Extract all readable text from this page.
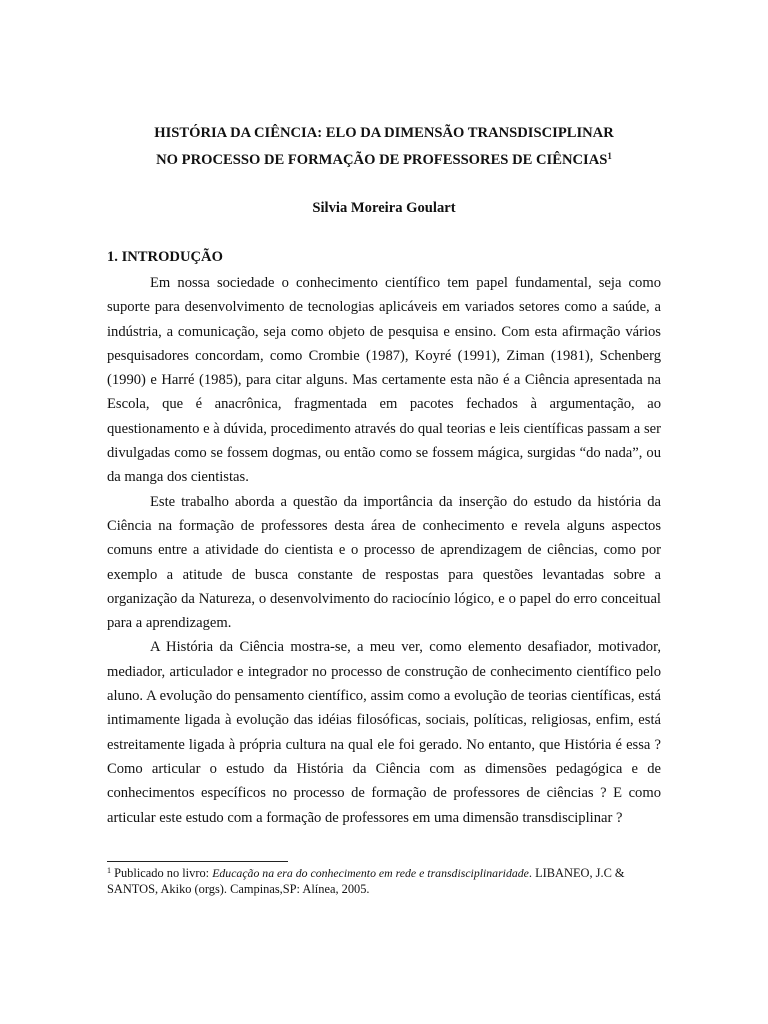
HISTÓRIA DA CIÊNCIA: ELO DA DIMENSÃO TRANSDISCIPLINAR
NO PROCESSO DE FORMAÇÃO DE PROFESSORES DE CIÊNCIAS$^1$
Silvia Moreira Goulart
1. INTRODUÇÃO

Em nossa sociedade o conhecimento científico tem papel fundamental, seja como suporte para desenvolvimento de tecnologias aplicáveis em variados setores como a saúde, a indústria, a comunicação, seja como objeto de pesquisa e ensino. Com esta afirmação vários pesquisadores concordam, como Crombie (1987), Koyré (1991), Ziman (1981), Schenberg (1990) e Harré (1985), para citar alguns. Mas certamente esta não é a Ciência apresentada na Escola, que é anacrônica, fragmentada em pacotes fechados à argumentação, ao questionamento e à dúvida, procedimento através do qual teorias e leis científicas passam a ser divulgadas como se fossem dogmas, ou então como se fossem mágica, surgidas “do nada”, ou da manga dos cientistas.

Este trabalho aborda a questão da importância da inserção do estudo da história da Ciência na formação de professores desta área de conhecimento e revela alguns aspectos comuns entre a atividade do cientista e o processo de aprendizagem de ciências, como por exemplo a atitude de busca constante de respostas para questões levantadas sobre a organização da Natureza, o desenvolvimento do raciocínio lógico, e o papel do erro conceitual para a aprendizagem.

A História da Ciência mostra-se, a meu ver, como elemento desafiador, motivador, mediador, articulador e integrador no processo de construção de conhecimento científico pelo aluno. A evolução do pensamento científico, assim como a evolução de teorias científicas, está intimamente ligada à evolução das idéias filosóficas, sociais, políticas, religiosas, enfim, está estreitamente ligada à própria cultura na qual ele foi gerado. No entanto, que História é essa ? Como articular o estudo da História da Ciência com as dimensões pedagógica e de conhecimentos específicos no processo de formação de professores de ciências ? E como articular este estudo com a formação de professores em uma dimensão transdisciplinar ?

$^1$ Publicado no livro: Educação na era do conhecimento em rede e transdisciplinaridade. LIBANEO, J.C & SANTOS, Akiko (orgs). Campinas,SP: Alínea, 2005.
